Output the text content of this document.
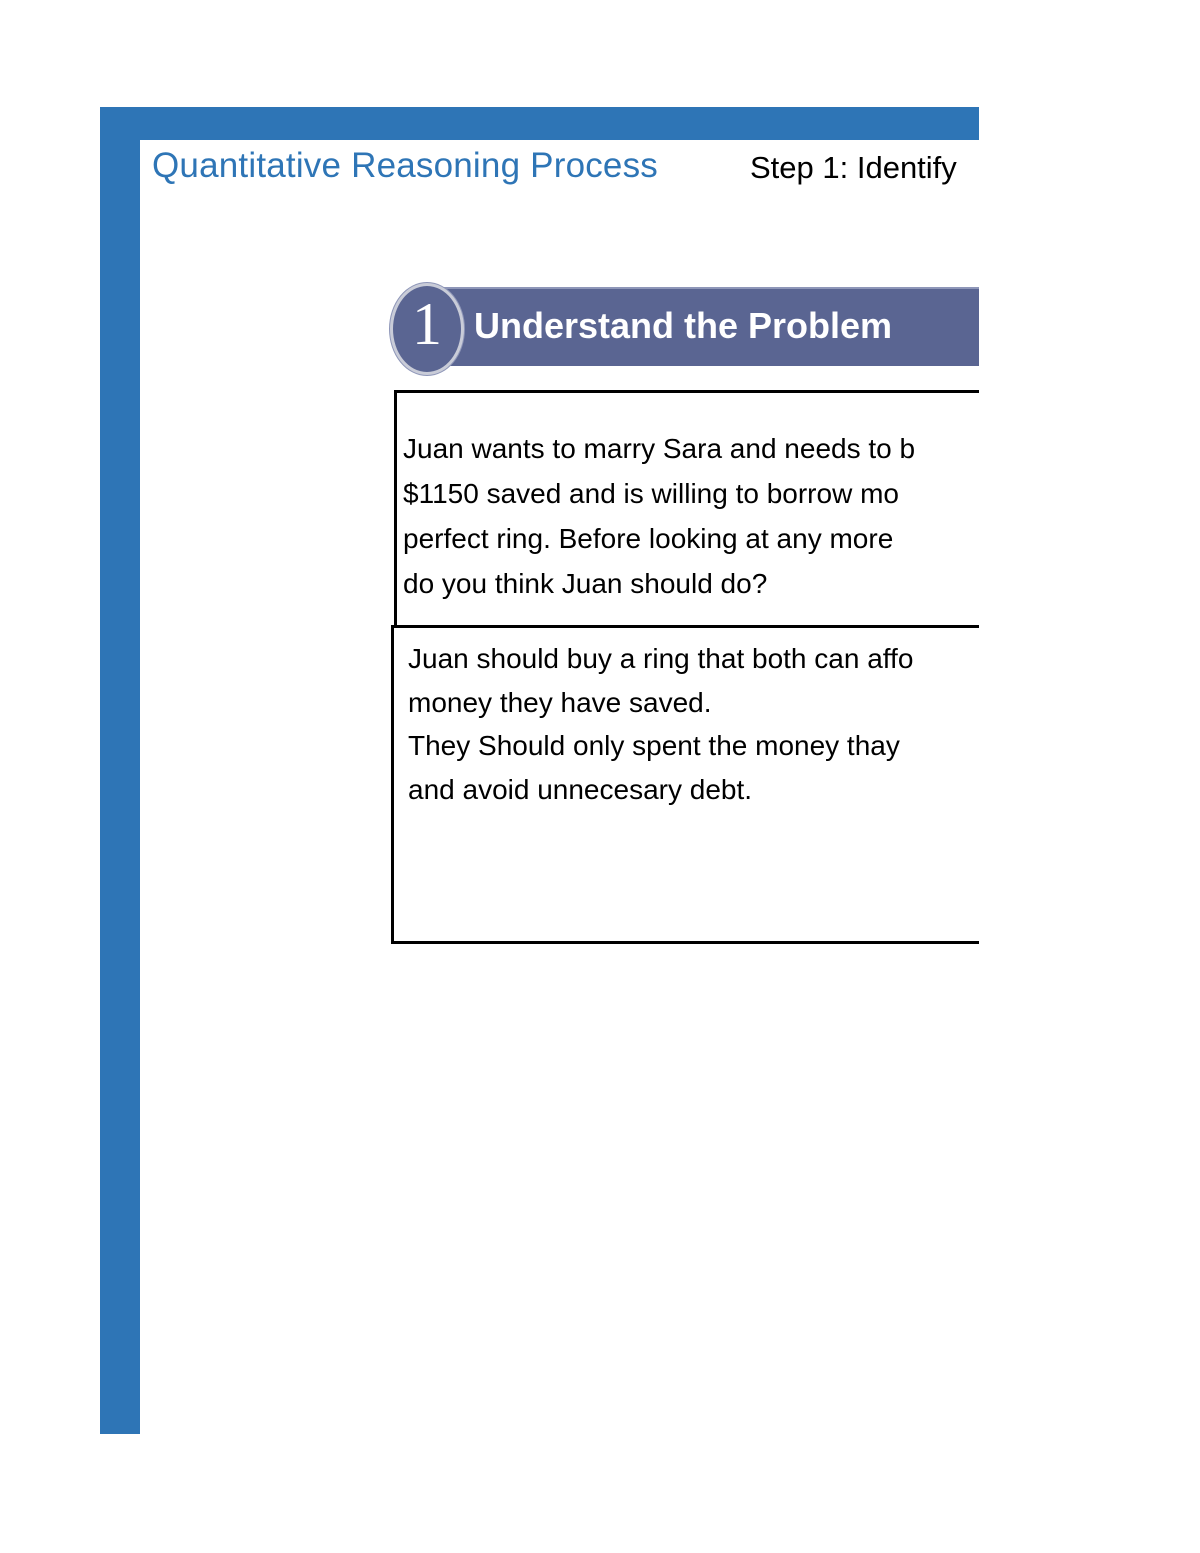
Quantitative Reasoning Process	Step 1: Identify
Understand the Problem
1
Juan wants to marry Sara and needs to b
$1150 saved and is willing to borrow mo
perfect ring. Before looking at any more
do you think Juan should do?
Juan should buy a ring that both can affo
money they have saved.
They Should only spent the money thay
and avoid unnecesary debt.
